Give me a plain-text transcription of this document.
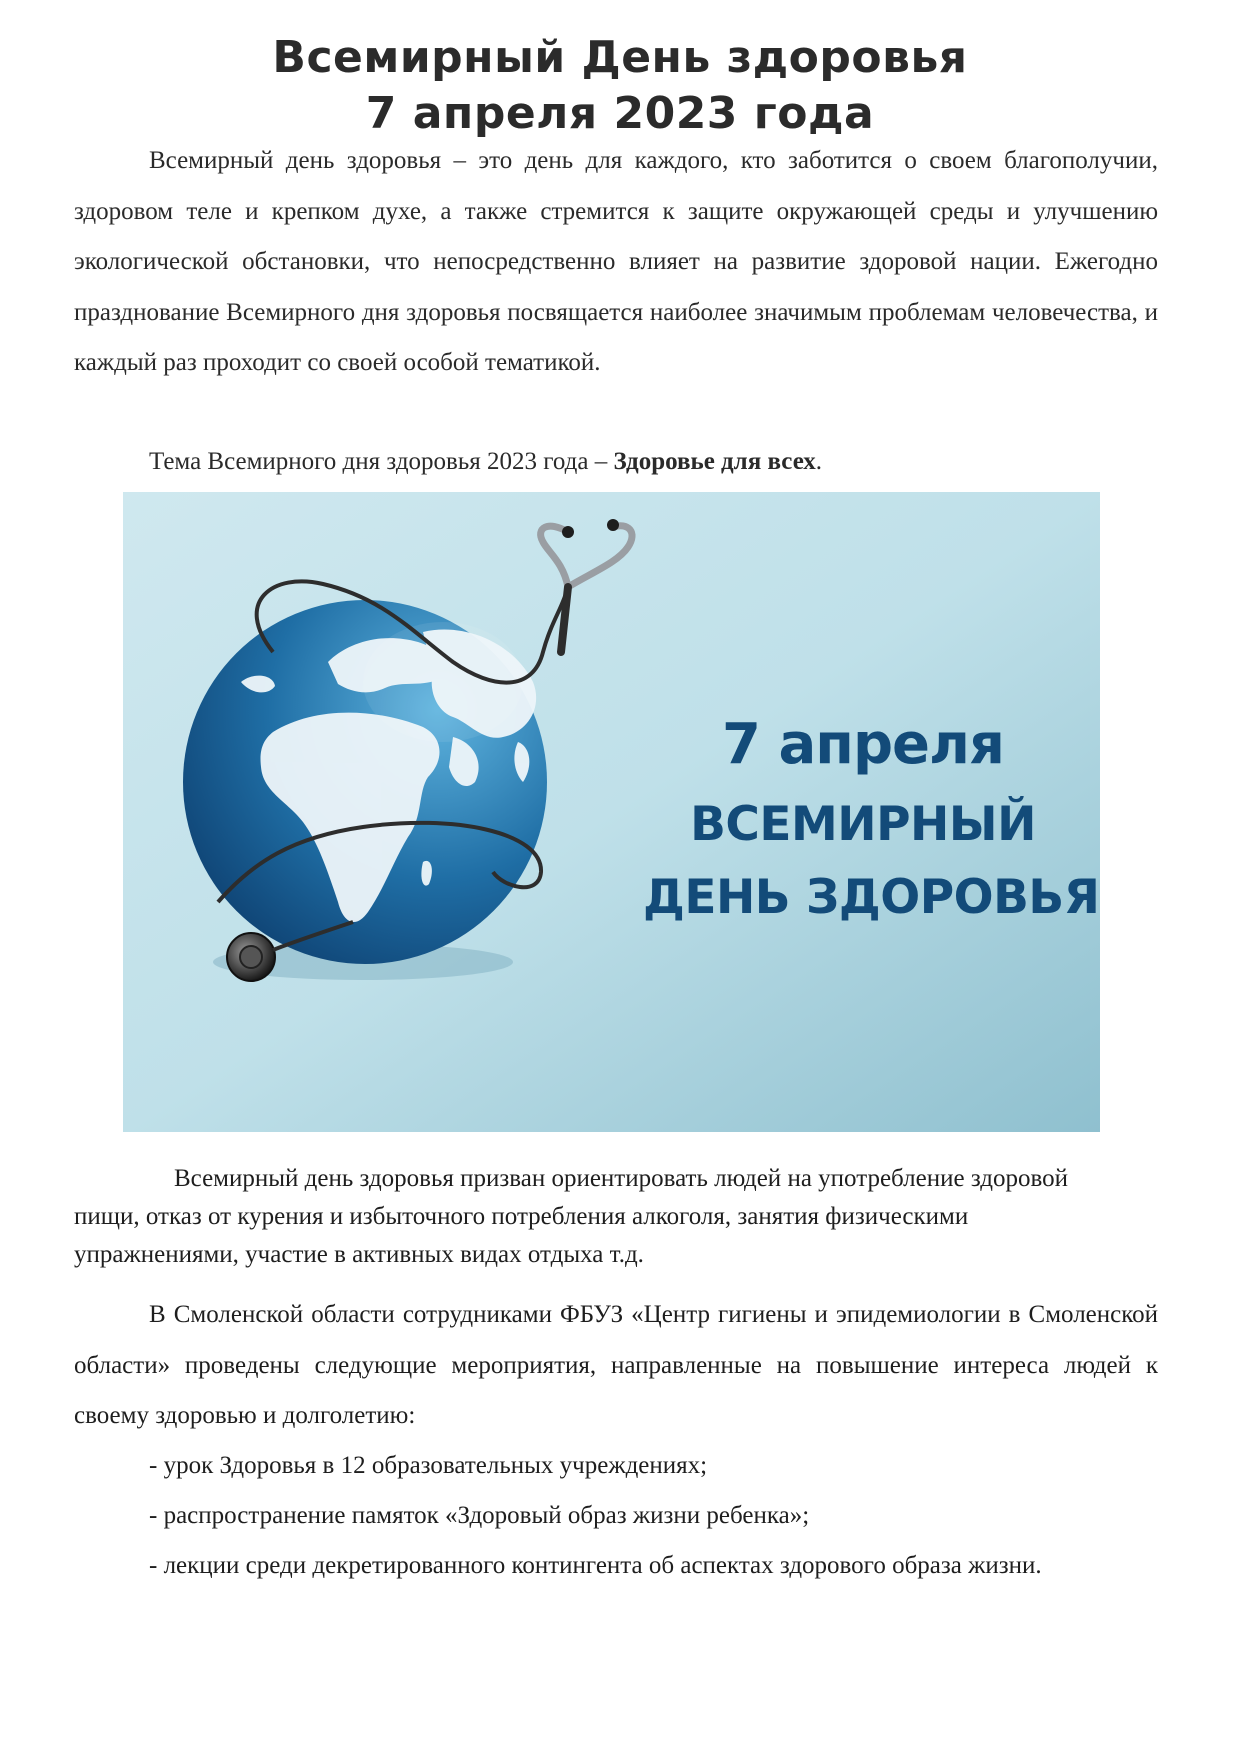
Всемирный День здоровья
7 апреля 2023 года
Всемирный день здоровья – это день для каждого, кто заботится о своем благополучии, здоровом теле и крепком духе, а также стремится к защите окружающей среды и улучшению экологической обстановки, что непосредственно влияет на развитие здоровой нации. Ежегодно празднование Всемирного дня здоровья посвящается наиболее значимым проблемам человечества, и каждый раз проходит со своей особой тематикой.
Тема Всемирного дня здоровья 2023 года – Здоровье для всех.
7 апреля
ВСЕМИРНЫЙ
ДЕНЬ ЗДОРОВЬЯ
Всемирный день здоровья призван ориентировать людей на употребление здоровой пищи, отказ от курения и избыточного потребления алкоголя, занятия физическими упражнениями, участие в активных видах отдыха т.д.
В Смоленской области сотрудниками ФБУЗ «Центр гигиены и эпидемиологии в Смоленской области» проведены следующие мероприятия, направленные на повышение интереса людей к своему здоровью и долголетию:
- урок Здоровья в 12 образовательных учреждениях;
- распространение памяток «Здоровый образ жизни ребенка»;
- лекции среди декретированного контингента об аспектах здорового образа жизни.
